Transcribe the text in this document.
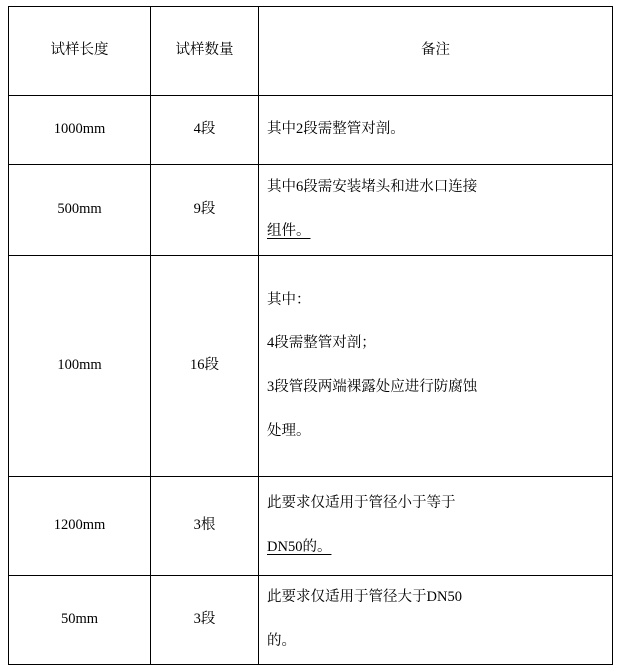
试样长度	试样数量	备注
1000mm	4段	其中2段需整管对剖。

500mm	9段	其中6段需安装堵头和进水口连接

组件。

100mm	16段	其中：

4段需整管对剖；

3段管段两端裸露处应进行防腐蚀

处理。

1200mm	3根	此要求仅适用于管径小于等于

DN50的。

50mm	3段	此要求仅适用于管径大于DN50

的。
